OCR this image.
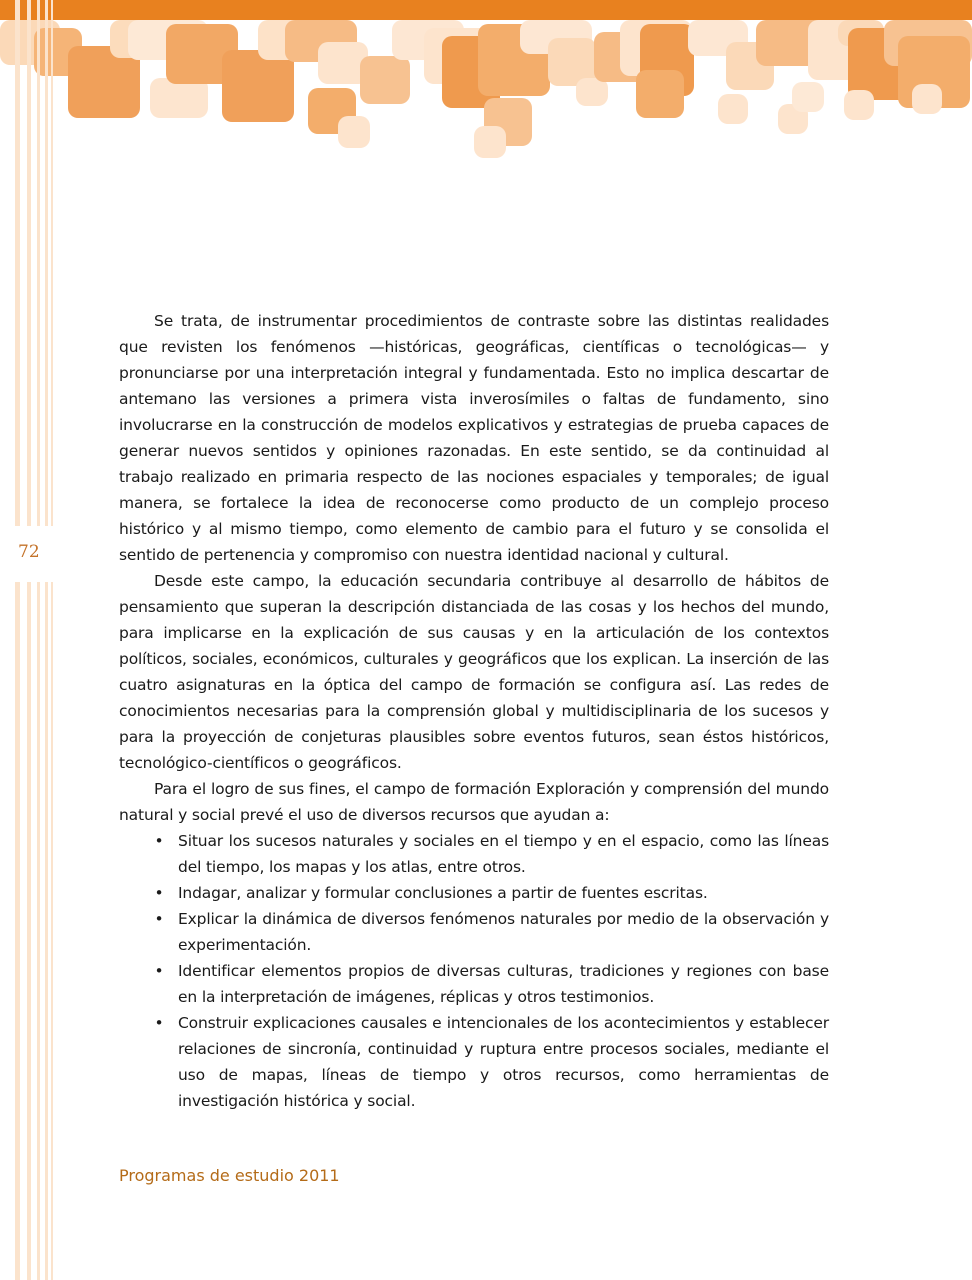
72

Se trata, de instrumentar procedimientos de contraste sobre las distintas realidades que revisten los fenómenos —históricas, geográficas, científicas o tecnológicas— y pronunciarse por una interpretación integral y fundamentada. Esto no implica descartar de antemano las versiones a primera vista inverosímiles o faltas de fundamento, sino involucrarse en la construcción de modelos explicativos y estrategias de prueba capaces de generar nuevos sentidos y opiniones razonadas. En este sentido, se da continuidad al trabajo realizado en primaria respecto de las nociones espaciales y temporales; de igual manera, se fortalece la idea de reconocerse como producto de un complejo proceso histórico y al mismo tiempo, como elemento de cambio para el futuro y se consolida el sentido de pertenencia y compromiso con nuestra identidad nacional y cultural.

Desde este campo, la educación secundaria contribuye al desarrollo de hábitos de pensamiento que superan la descripción distanciada de las cosas y los hechos del mundo, para implicarse en la explicación de sus causas y en la articulación de los contextos políticos, sociales, económicos, culturales y geográficos que los explican. La inserción de las cuatro asignaturas en la óptica del campo de formación se configura así. Las redes de conocimientos necesarias para la comprensión global y multidisciplinaria de los sucesos y para la proyección de conjeturas plausibles sobre eventos futuros, sean éstos históricos, tecnológico-científicos o geográficos.

Para el logro de sus fines, el campo de formación Exploración y comprensión del mundo natural y social prevé el uso de diversos recursos que ayudan a:

• Situar los sucesos naturales y sociales en el tiempo y en el espacio, como las líneas del tiempo, los mapas y los atlas, entre otros.
• Indagar, analizar y formular conclusiones a partir de fuentes escritas.
• Explicar la dinámica de diversos fenómenos naturales por medio de la observación y experimentación.
• Identificar elementos propios de diversas culturas, tradiciones y regiones con base en la interpretación de imágenes, réplicas y otros testimonios.
• Construir explicaciones causales e intencionales de los acontecimientos y establecer relaciones de sincronía, continuidad y ruptura entre procesos sociales, mediante el uso de mapas, líneas de tiempo y otros recursos, como herramientas de investigación histórica y social.
Programas de estudio 2011
